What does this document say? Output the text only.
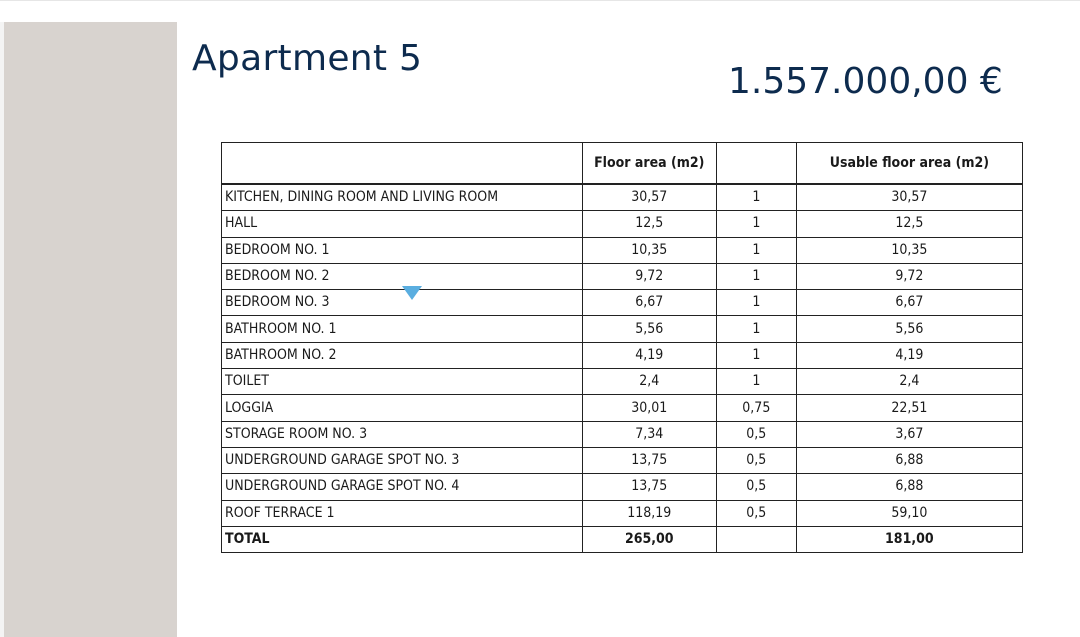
Apartment 5
1.557.000,00 €
	Floor area (m2)		Usable floor area (m2)
KITCHEN, DINING ROOM AND LIVING ROOM	30,57	1	30,57
HALL	12,5	1	12,5
BEDROOM NO. 1	10,35	1	10,35
BEDROOM NO. 2	9,72	1	9,72
BEDROOM NO. 3	6,67	1	6,67
BATHROOM NO. 1	5,56	1	5,56
BATHROOM NO. 2	4,19	1	4,19
TOILET	2,4	1	2,4
LOGGIA	30,01	0,75	22,51
STORAGE ROOM NO. 3	7,34	0,5	3,67
UNDERGROUND GARAGE SPOT NO. 3	13,75	0,5	6,88
UNDERGROUND GARAGE SPOT NO. 4	13,75	0,5	6,88
ROOF TERRACE 1	118,19	0,5	59,10
TOTAL	265,00		181,00
